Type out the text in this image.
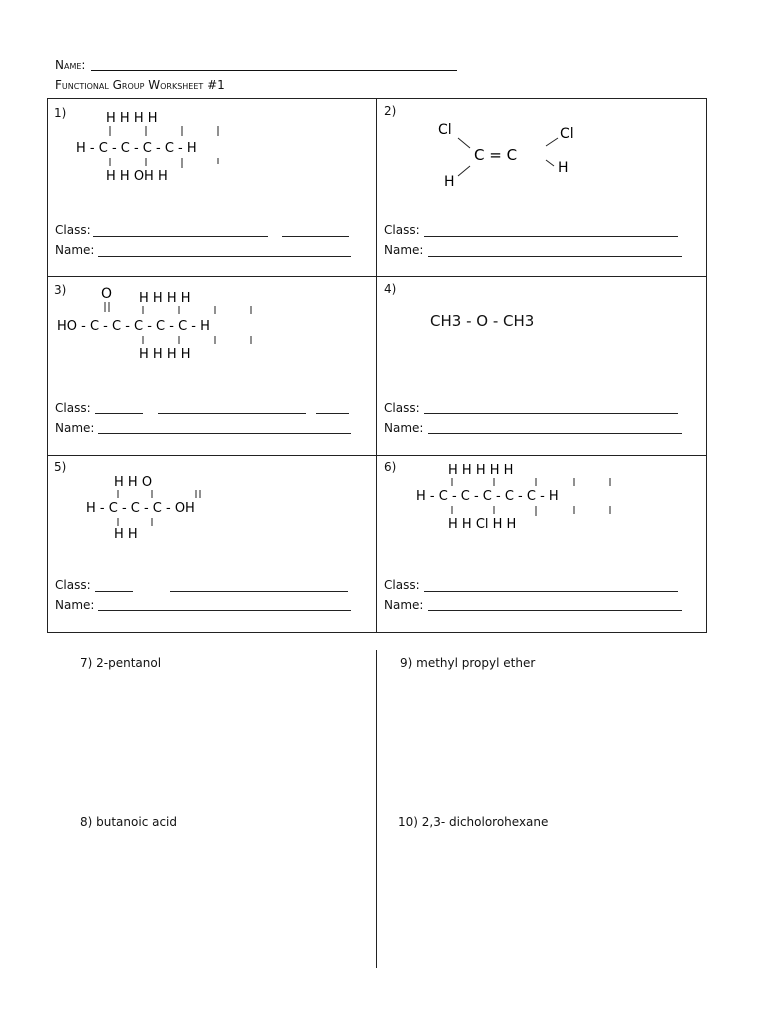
Name:
Functional Group Worksheet #1
1)	2)
3)	4)
5)	6)
H H H H
H - C - C - C - C - H
H H OH H
Cl	Cl
C = C
H
H
O H H H H
HO - C - C - C - C - C - H
H H H H
CH3 - O - CH3
H H O
H - C - C - C - OH
H H
H H H H H
H - C - C - C - C - C - H
H H Cl H H
Class:
Name:
Class:
Name:
Class:
Name:
Class:
Name:
Class:
Name:
Class:
Name:
7) 2-pentanol	9) methyl propyl ether
8) butanoic acid	10) 2,3- dicholorohexane
